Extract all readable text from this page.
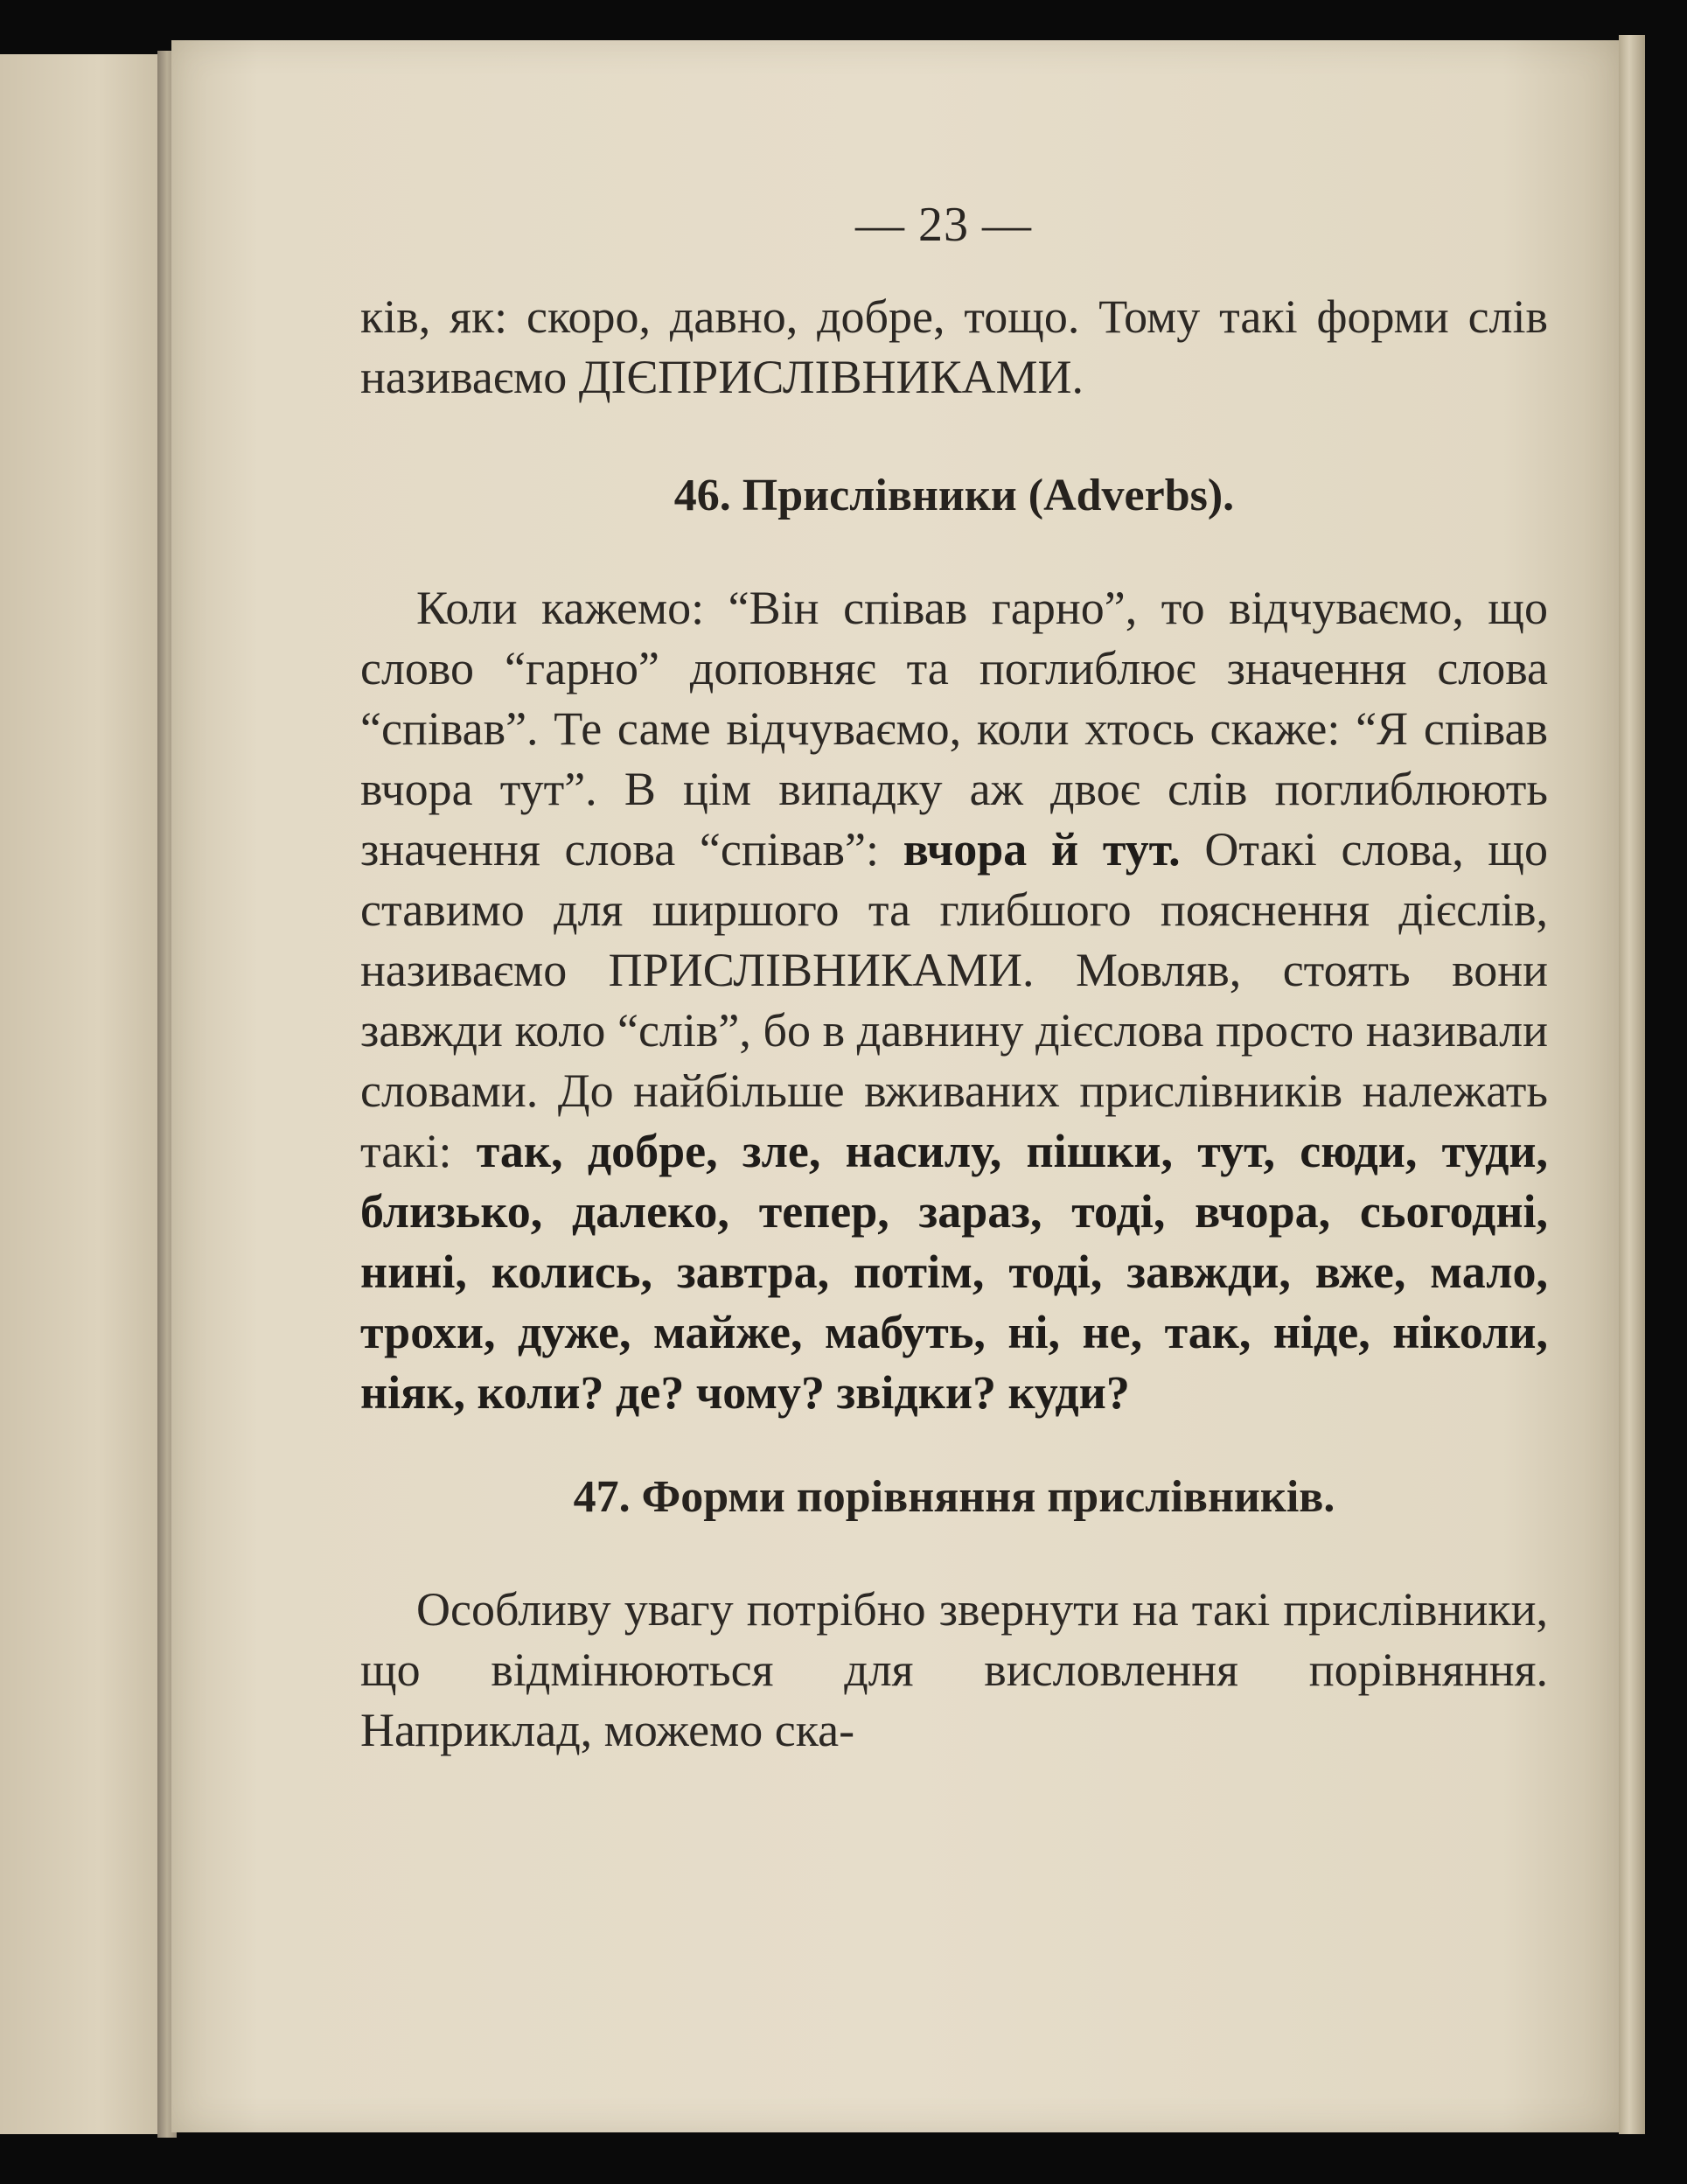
— 23 —

ків, як: скоро, давно, добре, тощо. Тому такі форми слів називаємо ДІЄПРИСЛІВНИКАМИ.

46. Прислівники (Adverbs).

Коли кажемо: “Він співав гарно”, то відчуваємо, що слово “гарно” доповняє та поглиблює значення слова “співав”. Те саме відчуваємо, коли хтось скаже: “Я співав вчора тут”. В цім випадку аж двоє слів поглиблюють значення слова “співав”: вчора й тут. Отакі слова, що ставимо для ширшого та глибшого пояснення дієслів, називаємо ПРИСЛІВНИКАМИ. Мовляв, стоять вони завжди коло “слів”, бо в давнину дієслова просто називали словами. До найбільше вживаних прислівників належать такі: так, добре, зле, насилу, пішки, тут, сюди, туди, близько, далеко, тепер, зараз, тоді, вчора, сьогодні, нині, колись, завтра, потім, тоді, завжди, вже, мало, трохи, дуже, майже, мабуть, ні, не, так, ніде, ніколи, ніяк, коли? де? чому? звідки? куди?

47. Форми порівняння прислівників.

Особливу увагу потрібно звернути на такі прислівники, що відмінюються для висловлення порівняння. Наприклад, можемо ска-
